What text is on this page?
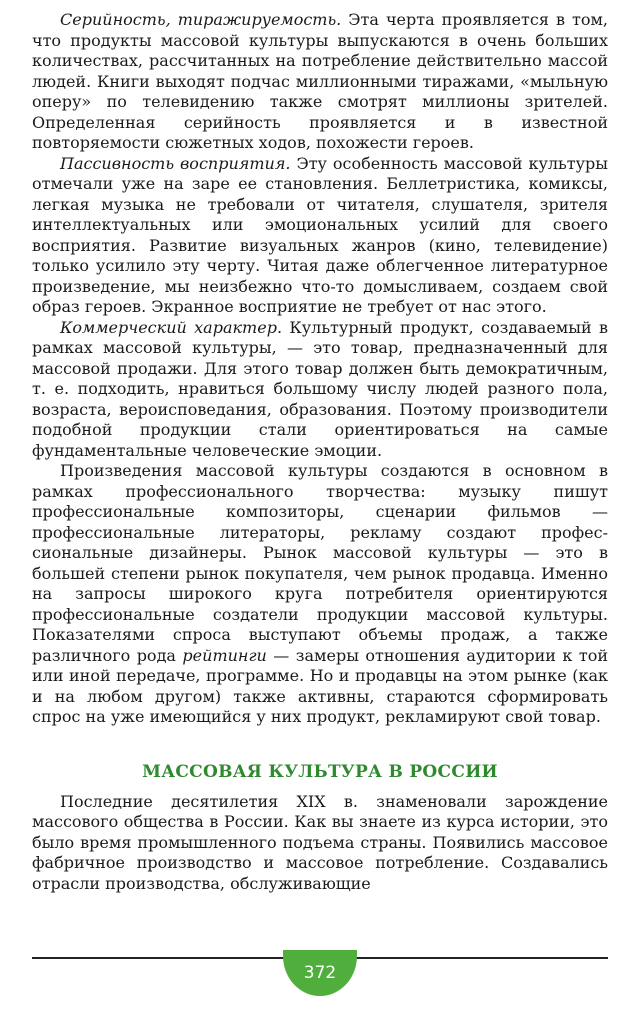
Серийность, тиражируемость. Эта черта проявляется в том, что продукты массовой культуры выпускаются в очень больших количествах, рассчитанных на потребление действительно массой людей. Книги выходят подчас миллионными тиражами, «мыльную оперу» по телевидению также смотрят миллионы зрителей. Определенная серийность проявляется и в известной повторяемости сюжетных ходов, похожести героев.

Пассивность восприятия. Эту особенность массовой культуры отмечали уже на заре ее становления. Беллетристика, комиксы, легкая музыка не требовали от читателя, слушателя, зрителя интеллектуальных или эмоциональных усилий для своего восприятия. Развитие визуальных жанров (кино, телевидение) только усилило эту черту. Читая даже облегченное литературное произведение, мы неизбежно что-то домысливаем, создаем свой образ героев. Экранное восприятие не требует от нас этого.

Коммерческий характер. Культурный продукт, создаваемый в рамках массовой культуры, — это товар, предназначенный для массовой продажи. Для этого товар должен быть демократичным, т. е. подходить, нравиться большому числу людей разного пола, возраста, вероисповедания, образования. Поэтому производители подобной продукции стали ориентироваться на самые фундаментальные человеческие эмоции.

Произведения массовой культуры создаются в основном в рамках профессионального творчества: музыку пишут профессиональные композиторы, сценарии фильмов — профессиональные литераторы, рекламу создают профессиональные дизайнеры. Рынок массовой культуры — это в большей степени рынок покупателя, чем рынок продавца. Именно на запросы широкого круга потребителя ориентируются профессиональные создатели продукции массовой культуры. Показателями спроса выступают объемы продаж, а также различного рода рейтинги — замеры отношения аудитории к той или иной передаче, программе. Но и продавцы на этом рынке (как и на любом другом) также активны, стараются сформировать спрос на уже имеющийся у них продукт, рекламируют свой товар.

МАССОВАЯ КУЛЬТУРА В РОССИИ

Последние десятилетия XIX в. знаменовали зарождение массового общества в России. Как вы знаете из курса истории, это было время промышленного подъема страны. Появились массовое фабричное производство и массовое потребление. Создавались отрасли производства, обслуживающие

372
